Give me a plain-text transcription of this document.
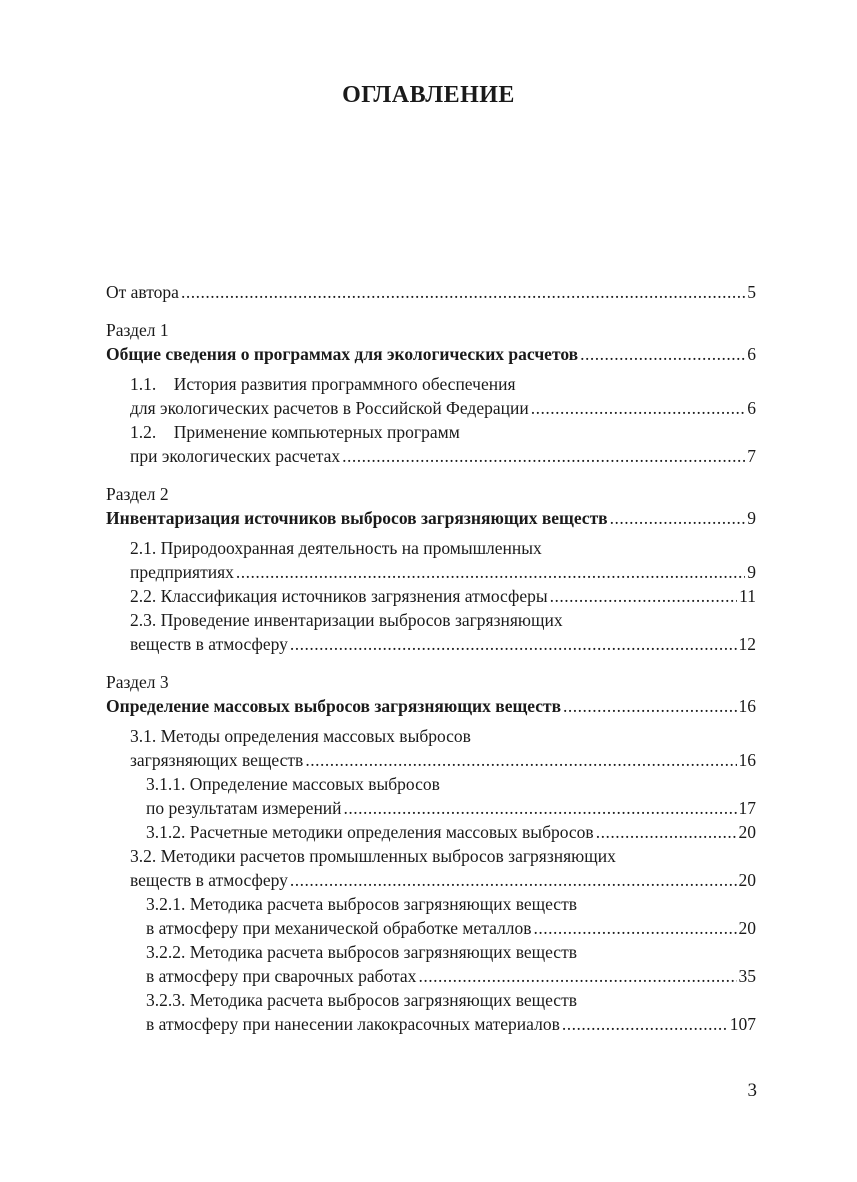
ОГЛАВЛЕНИЕ
От автора .....	5
Раздел 1
Общие сведения о программах для экологических расчетов .....	6
1.1. История развития программного обеспечения
для экологических расчетов в Российской Федерации .....	6
1.2. Применение компьютерных программ
при экологических расчетах .....	7
Раздел 2
Инвентаризация источников выбросов загрязняющих веществ .....	9
2.1. Природоохранная деятельность на промышленных
предприятиях .....	9
2.2. Классификация источников загрязнения атмосферы .....	11
2.3. Проведение инвентаризации выбросов загрязняющих
веществ в атмосферу .....	12
Раздел 3
Определение массовых выбросов загрязняющих веществ .....	16
3.1. Методы определения массовых выбросов
загрязняющих веществ .....	16
3.1.1. Определение массовых выбросов
по результатам измерений .....	17
3.1.2. Расчетные методики определения массовых выбросов .....	20
3.2. Методики расчетов промышленных выбросов загрязняющих
веществ в атмосферу .....	20
3.2.1. Методика расчета выбросов загрязняющих веществ
в атмосферу при механической обработке металлов .....	20
3.2.2. Методика расчета выбросов загрязняющих веществ
в атмосферу при сварочных работах .....	35
3.2.3. Методика расчета выбросов загрязняющих веществ
в атмосферу при нанесении лакокрасочных материалов .....	107
3
